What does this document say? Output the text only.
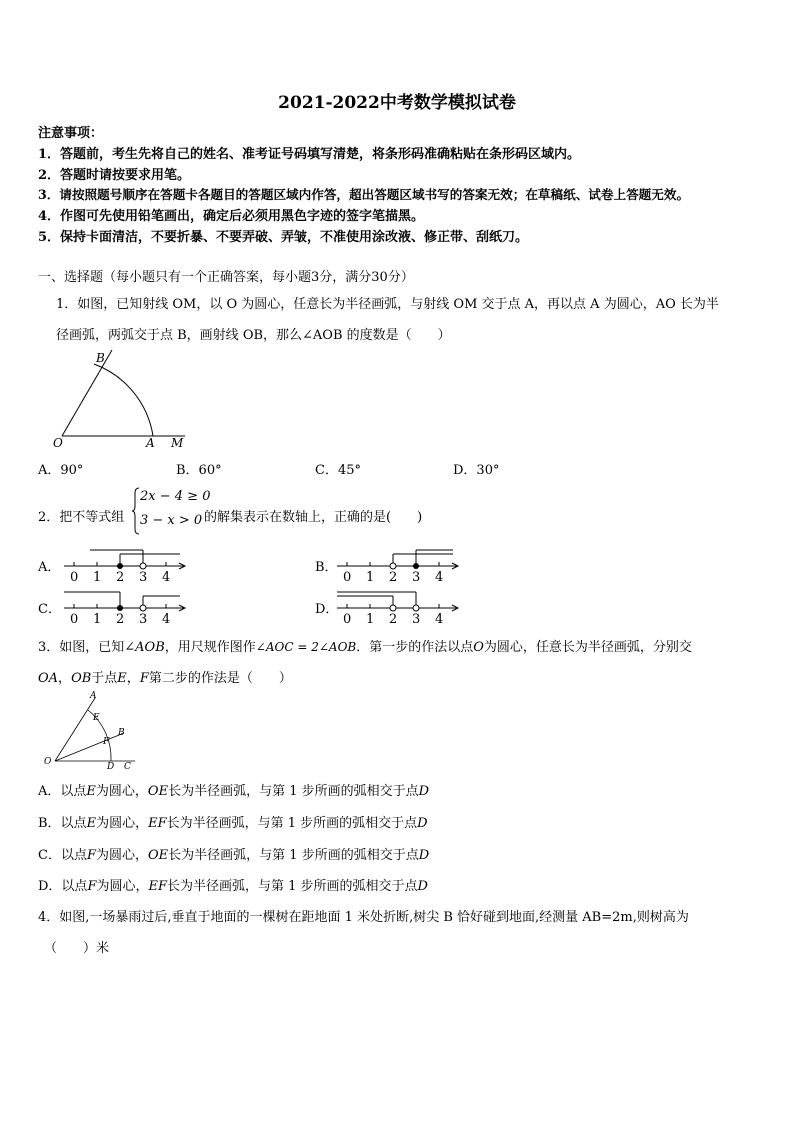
2021-2022中考数学模拟试卷
注意事项：
1．答题前，考生先将自己的姓名、准考证号码填写清楚，将条形码准确粘贴在条形码区域内。
2．答题时请按要求用笔。
3．请按照题号顺序在答题卡各题目的答题区域内作答，超出答题区域书写的答案无效；在草稿纸、试卷上答题无效。
4．作图可先使用铅笔画出，确定后必须用黑色字迹的签字笔描黑。
5．保持卡面清洁，不要折暴、不要弄破、弄皱，不准使用涂改液、修正带、刮纸刀。
一、选择题（每小题只有一个正确答案，每小题3分，满分30分）
1．如图，已知射线 OM，以 O 为圆心，任意长为半径画弧，与射线 OM 交于点 A，再以点 A 为圆心，AO 长为半
径画弧，两弧交于点 B，画射线 OB，那么∠AOB 的度数是（　　）
B
O	A M
A．90°	B．60°	C．45°	D．30°
2．把不等式组
2x − 4 ≥ 0
3 − x > 0 的解集表示在数轴上，正确的是(　　)
A．
0 1 2 3 4
B．
0 1 2 3 4
C．
0 1 2 3 4
D．
0 1 2 3 4
3．如图，已知∠AOB，用尺规作图作∠AOC = 2∠AOB．第一步的作法以点O为圆心，任意长为半径画弧，分别交
OA，OB于点E，F第二步的作法是（　　）
A
E
F
B
O	D C
A．以点E为圆心，OE长为半径画弧，与第 1 步所画的弧相交于点D
B．以点E为圆心，EF长为半径画弧，与第 1 步所画的弧相交于点D
C．以点F为圆心，OE长为半径画弧，与第 1 步所画的弧相交于点D
D．以点F为圆心，EF长为半径画弧，与第 1 步所画的弧相交于点D
4．如图,一场暴雨过后,垂直于地面的一棵树在距地面 1 米处折断,树尖 B 恰好碰到地面,经测量 AB=2m,则树高为
（　　）米
